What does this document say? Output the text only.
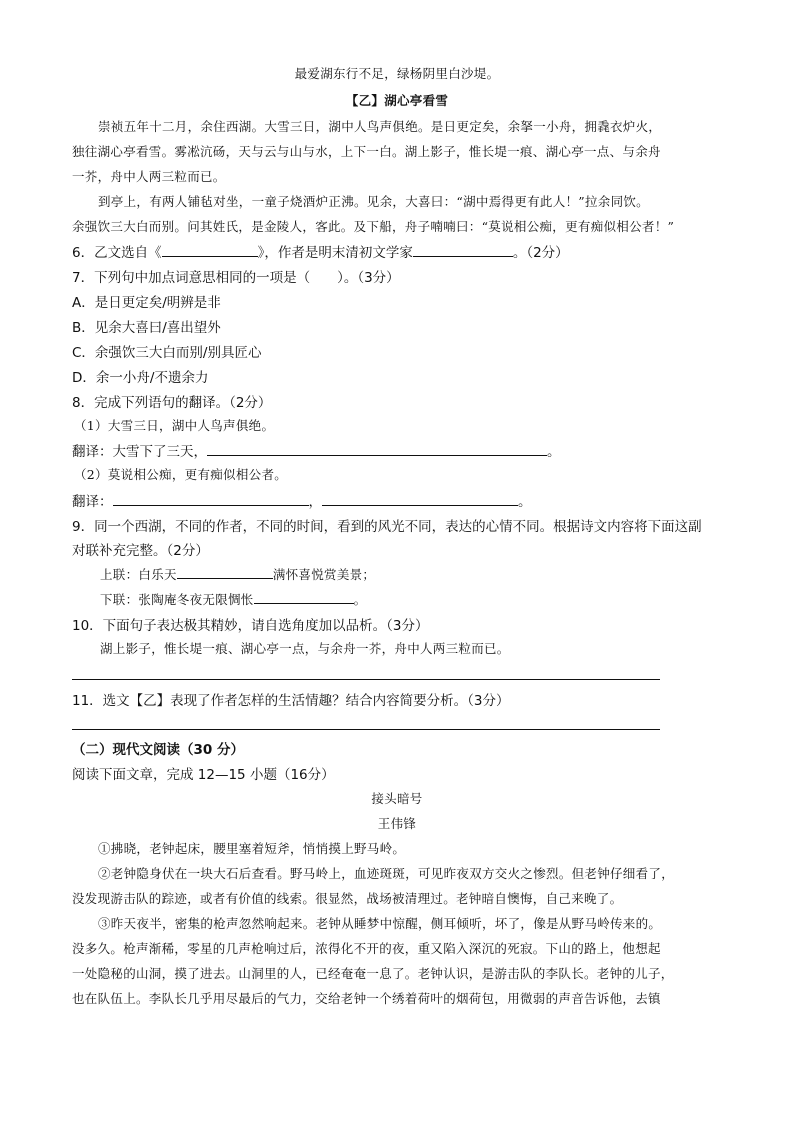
最爱湖东行不足，绿杨阴里白沙堤。
【乙】湖心亭看雪
崇祯五年十二月，余住西湖。大雪三日，湖中人鸟声俱绝。是日更定矣，余拏一小舟，拥毳衣炉火，
独往湖心亭看雪。雾凇沆砀，天与云与山与水，上下一白。湖上影子，惟长堤一痕、湖心亭一点、与余舟
一芥，舟中人两三粒而已。
到亭上，有两人铺毡对坐，一童子烧酒炉正沸。见余，大喜曰：“湖中焉得更有此人！”拉余同饮。
余强饮三大白而别。问其姓氏，是金陵人，客此。及下船，舟子喃喃曰：“莫说相公痴，更有痴似相公者！”
6．乙文选自《	》，作者是明末清初文学家	。（2分）
7．下列句中加点词意思相同的一项是（　　）。（3分）
A．是日更定矣/明辨是非
B．见余大喜曰/喜出望外
C．余强饮三大白而别/别具匠心
D．余一小舟/不遗余力
8．完成下列语句的翻译。（2分）
（1）大雪三日，湖中人鸟声俱绝。
翻译：大雪下了三天，	。
（2）莫说相公痴，更有痴似相公者。
翻译：	，	。
9．同一个西湖，不同的作者，不同的时间，看到的风光不同，表达的心情不同。根据诗文内容将下面这副
对联补充完整。（2分）
上联：白乐天	满怀喜悦赏美景；
下联：张陶庵冬夜无限惆怅	。
10．下面句子表达极其精妙，请自选角度加以品析。（3分）
湖上影子，惟长堤一痕、湖心亭一点，与余舟一芥，舟中人两三粒而已。
11．选文【乙】表现了作者怎样的生活情趣？结合内容简要分析。（3分）
（二）现代文阅读（30 分）
阅读下面文章，完成 12—15 小题（16分）
接头暗号
王伟锋
①拂晓，老钟起床，腰里塞着短斧，悄悄摸上野马岭。
②老钟隐身伏在一块大石后查看。野马岭上，血迹斑斑，可见昨夜双方交火之惨烈。但老钟仔细看了，
没发现游击队的踪迹，或者有价值的线索。很显然，战场被清理过。老钟暗自懊悔，自己来晚了。
③昨天夜半，密集的枪声忽然响起来。老钟从睡梦中惊醒，侧耳倾听，坏了，像是从野马岭传来的。
没多久。枪声渐稀，零星的几声枪响过后，浓得化不开的夜，重又陷入深沉的死寂。下山的路上，他想起
一处隐秘的山洞，摸了进去。山洞里的人，已经奄奄一息了。老钟认识，是游击队的李队长。老钟的儿子，
也在队伍上。李队长几乎用尽最后的气力，交给老钟一个绣着荷叶的烟荷包，用微弱的声音告诉他，去镇
